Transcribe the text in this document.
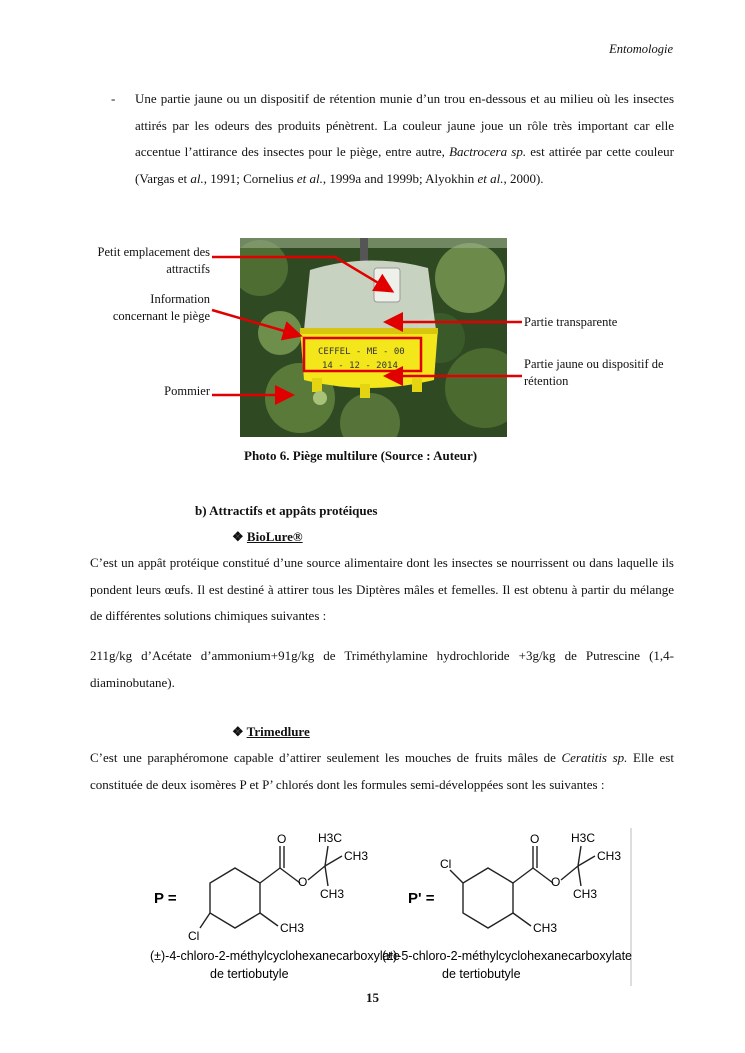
Entomologie
- Une partie jaune ou un dispositif de rétention munie d’un trou en-dessous et au milieu où les insectes attirés par les odeurs des produits pénètrent. La couleur jaune joue un rôle très important car elle accentue l’attirance des insectes pour le piège, entre autre, Bactrocera sp. est attirée par cette couleur (Vargas et al., 1991; Cornelius et al., 1999a and 1999b; Alyokhin et al., 2000).
CEFFEL - ME - 00
14 - 12 - 2014
Petit emplacement des attractifs
Information concernant le piège
Pommier
Partie transparente
Partie jaune ou dispositif de rétention
Photo 6. Piège multilure (Source : Auteur)
b) Attractifs et appâts protéiques
❖ BioLure®
C’est un appât protéique constitué d’une source alimentaire dont les insectes se nourrissent ou dans laquelle ils pondent leurs œufs. Il est destiné à attirer tous les Diptères mâles et femelles. Il est obtenu à partir du mélange de différentes solutions chimiques suivantes :
211g/kg d’Acétate d’ammonium+91g/kg de Triméthylamine hydrochloride +3g/kg de Putrescine (1,4-diaminobutane).
❖ Trimedlure
C’est une paraphéromone capable d’attirer seulement les mouches de fruits mâles de Ceratitis sp. Elle est constituée de deux isomères P et P’ chlorés dont les formules semi-développées sont les suivantes :
P =
O
O
H3C
CH3
CH3
CH3
Cl
(±)-4-chloro-2-méthylcyclohexanecarboxylate
de tertiobutyle
P' =
O
O
H3C
CH3
CH3
CH3
Cl
(±)-5-chloro-2-méthylcyclohexanecarboxylate
de tertiobutyle
15
